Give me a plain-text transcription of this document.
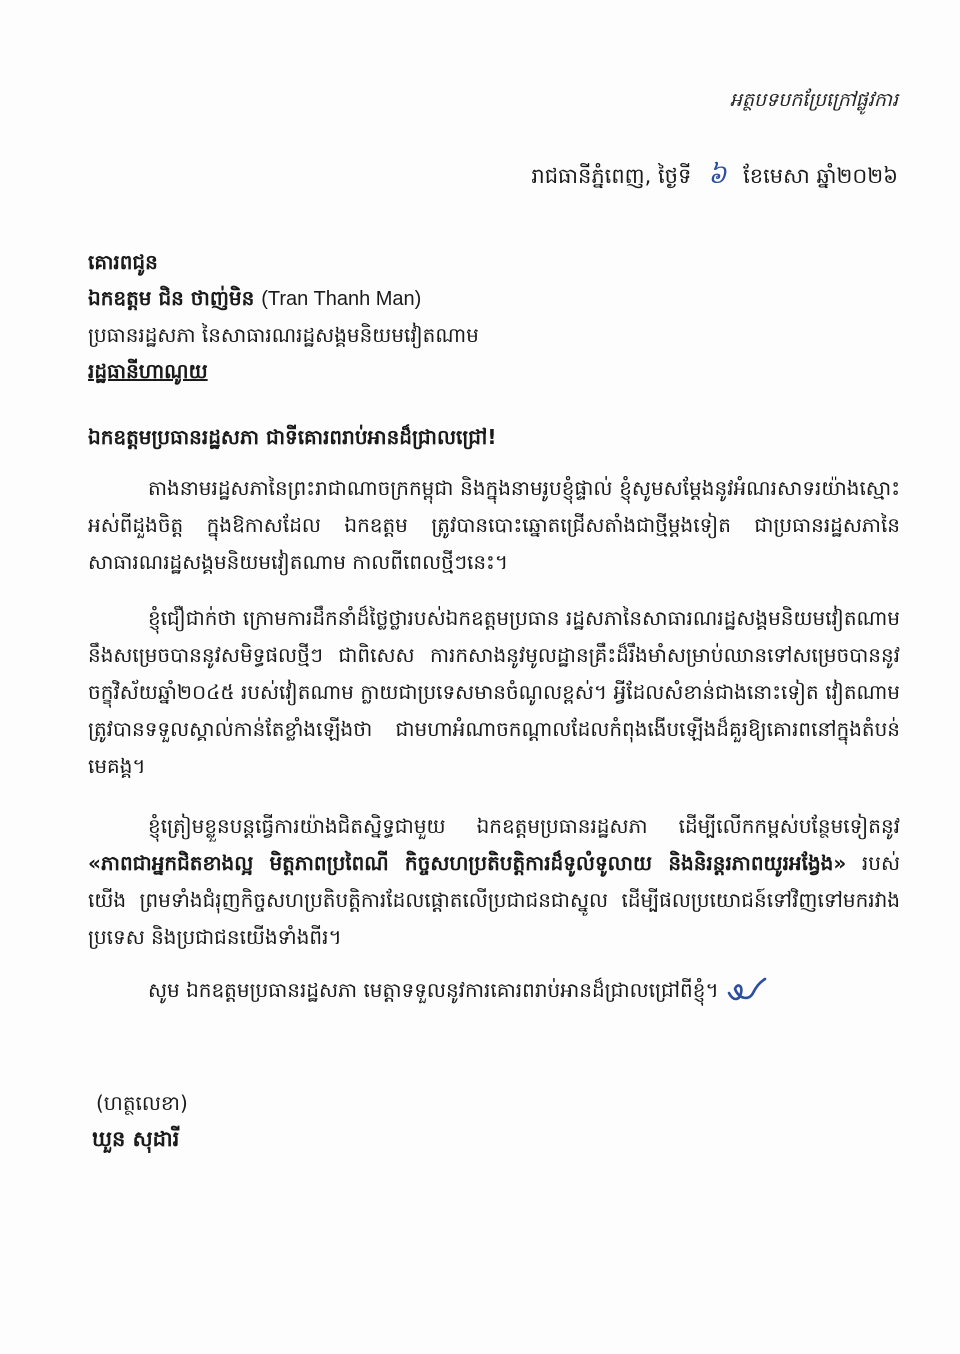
អត្ថបទបកប្រែក្រៅផ្លូវការ
រាជធានីភ្នំពេញ, ថ្ងៃទី ៦ ខែមេសា ឆ្នាំ២០២៦
គោរពជូន
ឯកឧត្តម ជិន ថាញ់មិន (Tran Thanh Man)
ប្រធានរដ្ឋសភា នៃសាធារណរដ្ឋសង្គមនិយមវៀតណាម
រដ្ឋធានីហាណូយ
ឯកឧត្តមប្រធានរដ្ឋសភា ជាទីគោរពរាប់អានដ៏ជ្រាលជ្រៅ!
តាងនាមរដ្ឋសភានៃព្រះរាជាណាចក្រកម្ពុជា និងក្នុងនាមរូបខ្ញុំផ្ទាល់ ខ្ញុំសូមសម្តែងនូវអំណរសាទរយ៉ាងស្មោះអស់ពីដួងចិត្ត ក្នុងឱកាសដែល ឯកឧត្តម ត្រូវបានបោះឆ្នោតជ្រើសតាំងជាថ្មីម្តងទៀត ជាប្រធានរដ្ឋសភានៃសាធារណរដ្ឋសង្គមនិយមវៀតណាម កាលពីពេលថ្មីៗនេះ។
ខ្ញុំជឿជាក់ថា ក្រោមការដឹកនាំដ៏ថ្លៃថ្លារបស់ឯកឧត្តមប្រធាន រដ្ឋសភានៃសាធារណរដ្ឋសង្គមនិយមវៀតណាម នឹងសម្រេចបាននូវសមិទ្ធផលថ្មីៗ ជាពិសេស ការកសាងនូវមូលដ្ឋានគ្រឹះដ៏រឹងមាំសម្រាប់ឈានទៅសម្រេចបាននូវចក្ខុវិស័យឆ្នាំ២០៤៥ របស់វៀតណាម ក្លាយជាប្រទេសមានចំណូលខ្ពស់។ អ្វីដែលសំខាន់ជាងនោះទៀត វៀតណាមត្រូវបានទទួលស្គាល់កាន់តែខ្លាំងឡើងថា ជាមហាអំណាចកណ្តាលដែលកំពុងងើបឡើងដ៏គួរឱ្យគោរពនៅក្នុងតំបន់មេគង្គ។
ខ្ញុំត្រៀមខ្លួនបន្តធ្វើការយ៉ាងជិតស្និទ្ធជាមួយ ឯកឧត្តមប្រធានរដ្ឋសភា ដើម្បីលើកកម្ពស់បន្ថែមទៀតនូវ «ភាពជាអ្នកជិតខាងល្អ មិត្តភាពប្រពៃណី កិច្ចសហប្រតិបត្តិការដ៏ទូលំទូលាយ និងនិរន្តរភាពយូរអង្វែង» របស់យើង ព្រមទាំងជំរុញកិច្ចសហប្រតិបត្តិការដែលផ្តោតលើប្រជាជនជាស្នូល ដើម្បីផលប្រយោជន៍ទៅវិញទៅមករវាងប្រទេស និងប្រជាជនយើងទាំងពីរ។
សូម ឯកឧត្តមប្រធានរដ្ឋសភា មេត្តាទទួលនូវការគោរពរាប់អានដ៏ជ្រាលជ្រៅពីខ្ញុំ។
(ហត្ថលេខា)
ឃួន សុដារី
